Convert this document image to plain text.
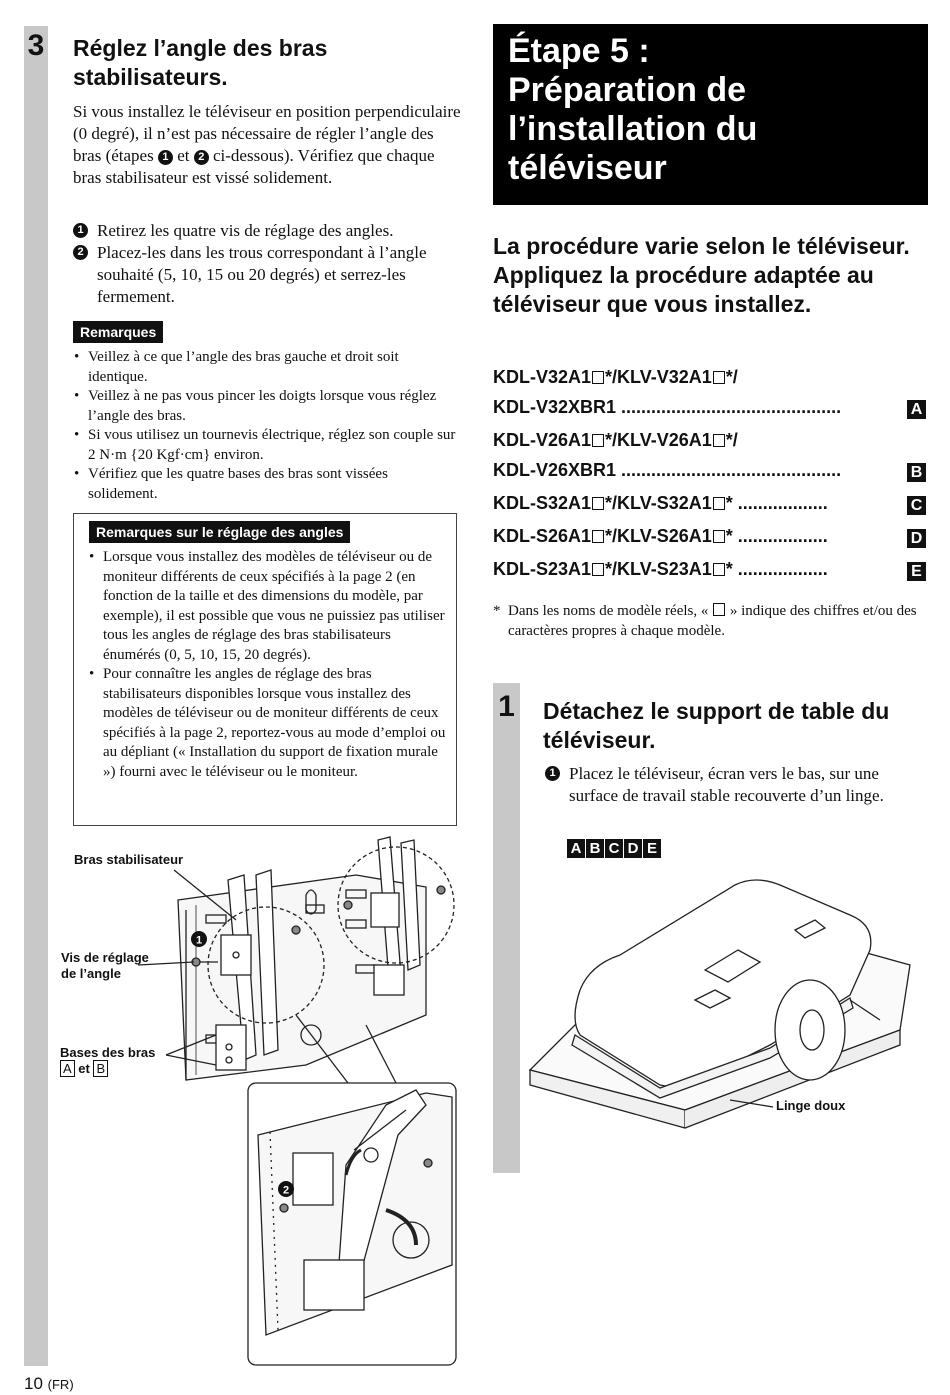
3 Réglez l’angle des bras stabilisateurs.
Si vous installez le téléviseur en position perpendiculaire (0 degré), il n’est pas nécessaire de régler l’angle des bras (étapes 1 et 2 ci-dessous). Vérifiez que chaque bras stabilisateur est vissé solidement.
1 Retirez les quatre vis de réglage des angles.
2 Placez-les dans les trous correspondant à l’angle souhaité (5, 10, 15 ou 20 degrés) et serrez-les fermement.
Remarques
• Veillez à ce que l’angle des bras gauche et droit soit identique.
• Veillez à ne pas vous pincer les doigts lorsque vous réglez l’angle des bras.
• Si vous utilisez un tournevis électrique, réglez son couple sur 2 N·m {20 Kgf·cm} environ.
• Vérifiez que les quatre bases des bras sont vissées solidement.
Remarques sur le réglage des angles
• Lorsque vous installez des modèles de téléviseur ou de moniteur différents de ceux spécifiés à la page 2 (en fonction de la taille et des dimensions du modèle, par exemple), il est possible que vous ne puissiez pas utiliser tous les angles de réglage des bras stabilisateurs énumérés (0, 5, 10, 15, 20 degrés).
• Pour connaître les angles de réglage des bras stabilisateurs disponibles lorsque vous installez des modèles de téléviseur ou de moniteur différents de ceux spécifiés à la page 2, reportez-vous au mode d’emploi ou au dépliant (« Installation du support de fixation murale ») fourni avec le téléviseur ou le moniteur.
1
2
Bras stabilisateur
Vis de réglage
de l’angle
Bases des bras
A et B
Étape 5 :
Préparation de
l’installation du
téléviseur
La procédure varie selon le téléviseur. Appliquez la procédure adaptée au téléviseur que vous installez.
KDL-V32A1 */KLV-V32A1 */
KDL-V32XBR1 ............................................	A
KDL-V26A1 */KLV-V26A1 */
KDL-V26XBR1 ............................................	B
KDL-S32A1 */KLV-S32A1 * ..................	C
KDL-S26A1 */KLV-S26A1 * ..................	D
KDL-S23A1 */KLV-S23A1 * ..................	E
* Dans les noms de modèle réels, «  » indique des chiffres et/ou des caractères propres à chaque modèle.
1 Détachez le support de table du téléviseur.
1 Placez le téléviseur, écran vers le bas, sur une surface de travail stable recouverte d’un linge.
A B C D E
Linge doux
10 (FR)
